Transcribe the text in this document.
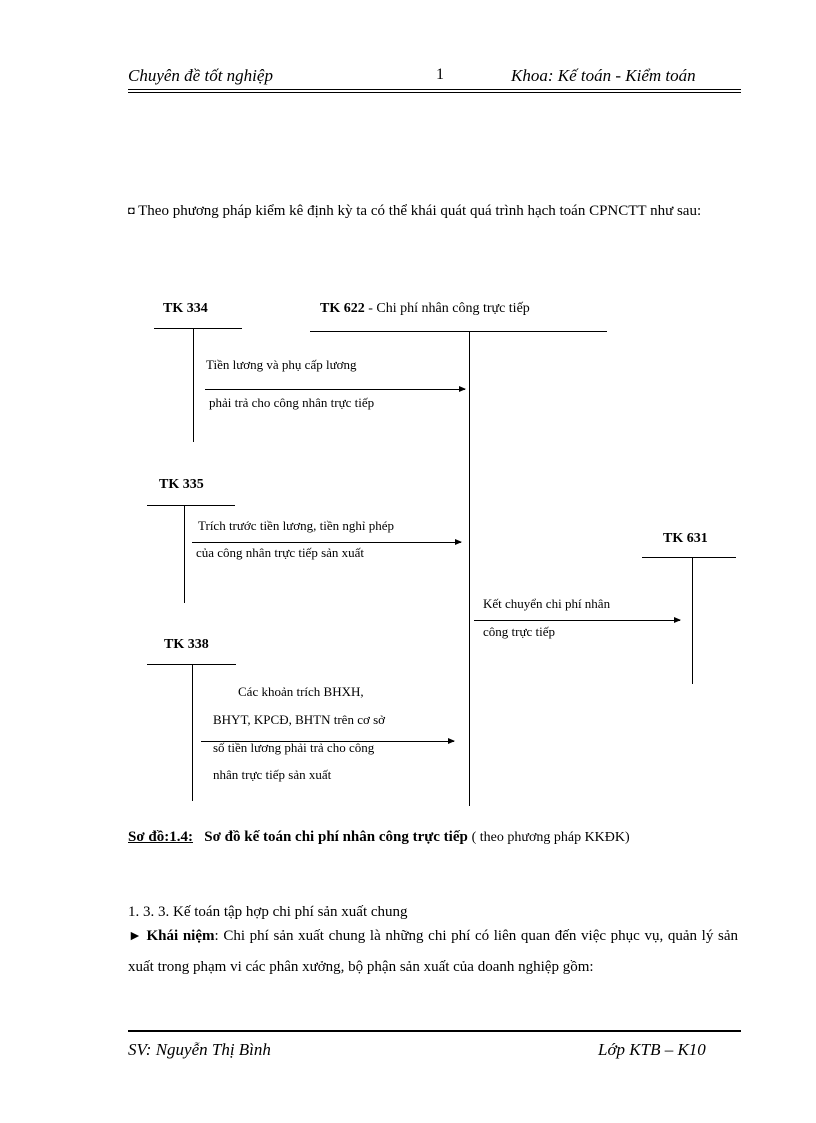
Chuyên đề tốt nghiệp	1	Khoa: Kế toán - Kiểm toán
◘ Theo phương pháp kiểm kê định kỳ ta có thể khái quát quá trình hạch toán CPNCTT như sau:
TK 334	TK 622 - Chi phí nhân công trực tiếp
Tiền lương và phụ cấp lương
phải trả cho công nhân trực tiếp
TK 335
Trích trước tiền lương, tiền nghỉ phép
của công nhân trực tiếp sản xuất
TK 631
Kết chuyển chi phí nhân
công trực tiếp
TK 338
Các khoản trích BHXH,
BHYT, KPCĐ, BHTN trên cơ sở
số tiền lương phải trả cho công
nhân trực tiếp sản xuất
Sơ đồ:1.4: Sơ đồ kế toán chi phí nhân công trực tiếp ( theo phương pháp KKĐK)
1. 3. 3. Kế toán tập hợp chi phí sản xuất chung
► Khái niệm: Chi phí sản xuất chung là những chi phí có liên quan đến việc phục vụ, quản lý sản xuất trong phạm vi các phân xưởng, bộ phận sản xuất của doanh nghiệp gồm:
SV: Nguyễn Thị Bình	Lớp KTB – K10
